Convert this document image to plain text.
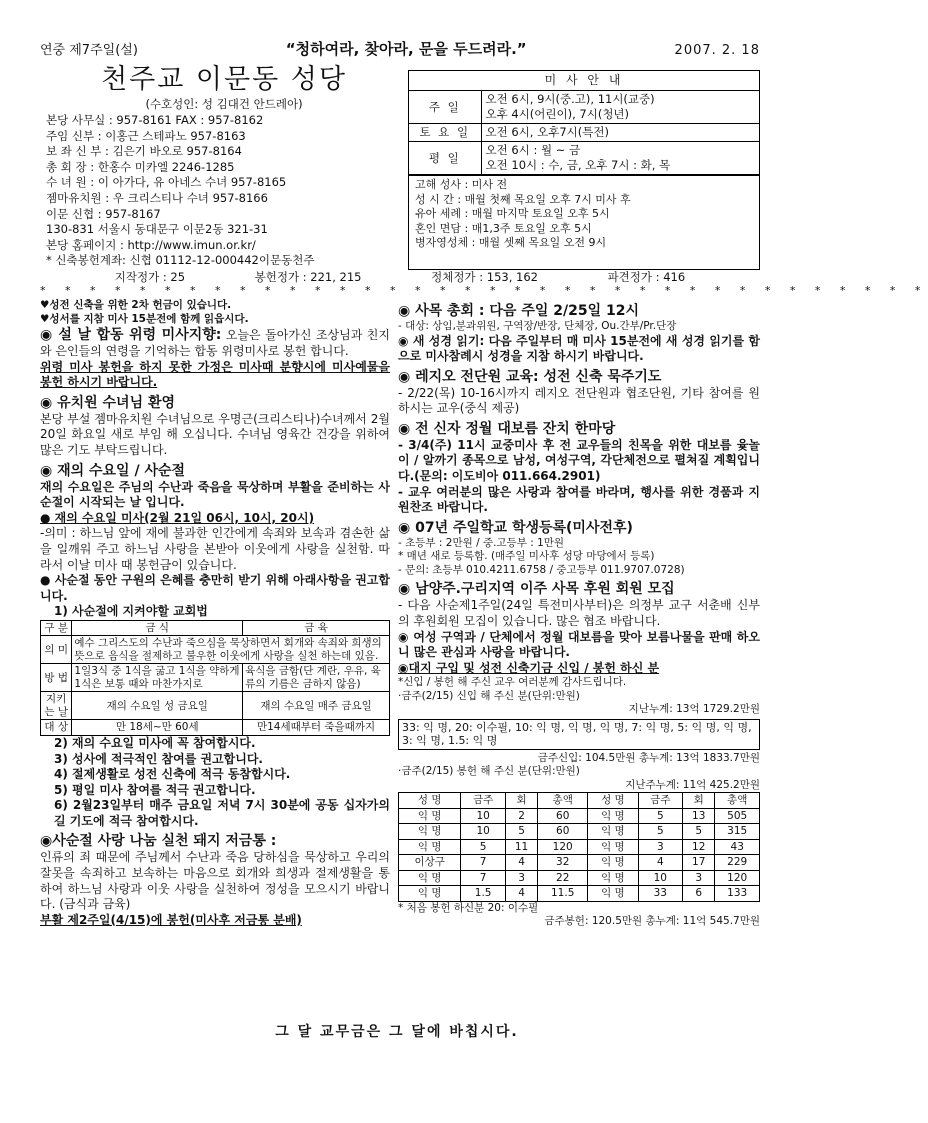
연중 제7주일(설)	“청하여라, 찾아라, 문을 두드려라.”	2007. 2. 18
천주교 이문동 성당
(수호성인: 성 김대건 안드레아)
본당 사무실 : 957-8161 FAX : 957-8162
주임 신부 : 이홍근 스테파노 957-8163
보 좌 신 부 : 김은기 바오로 957-8164
총 회 장 : 한홍수 미카엘 2246-1285
수 녀 원 : 이 아가다, 유 아네스 수녀 957-8165
젬마유치원 : 우 크리스티나 수녀 957-8166
이문 신협 : 957-8167
130-831 서울시 동대문구 이문2동 321-31
본당 홈페이지 : http://www.imun.or.kr/
* 신축봉헌계좌: 신협 01112-12-000442이문동천주
미 사 안 내
주 일	오전 6시, 9시(중.고), 11시(교중)
오후 4시(어린이), 7시(청년)

토 요 일	오전 6시, 오후7시(특전)
평 일	오전 6시 : 월 ~ 금
오전 10시 : 수, 금, 오후 7시 : 화, 목
고해 성사 : 미사 전
성 시 간 : 매월 첫째 목요일 오후 7시 미사 후
유아 세례 : 매월 마지막 토요일 오후 5시
혼인 면담 : 매1,3주 토요일 오후 5시
병자영성체 : 매월 셋째 목요일 오전 9시
지작정가 : 25	봉헌정가 : 221, 215	정체정가 : 153, 162	파견정가 : 416
* * * * * * * * * * * * * * * * * * * * * * * * * * * * * * * * * * * *
♥성전 신축을 위한 2차 헌금이 있습니다.
♥성서를 지참 미사 15분전에 함께 읽읍시다.
◉ 설 날 합동 위령 미사지향: 오늘은 돌아가신 조상님과 친지와 은인들의 연령을 기억하는 합동 위령미사로 봉헌 합니다.
위령 미사 봉헌을 하지 못한 가정은 미사때 분향시에 미사예물을 봉헌 하시기 바랍니다.
◉ 유치원 수녀님 환영
본당 부설 젬마유치원 수녀님으로 우명근(크리스티나)수녀께서 2월 20일 화요일 새로 부임 해 오십니다. 수녀님 영육간 건강을 위하여 많은 기도 부탁드립니다.
◉ 재의 수요일 / 사순절
재의 수요일은 주님의 수난과 죽음을 묵상하며 부활을 준비하는 사순절이 시작되는 날 입니다.
● 재의 수요일 미사(2월 21일 06시, 10시, 20시)
-의미 : 하느님 앞에 재에 불과한 인간에게 속죄와 보속과 겸손한 삶을 일깨워 주고 하느님 사랑을 본받아 이웃에게 사랑을 실천함. 따라서 이날 미사 때 봉헌금이 있습니다.
● 사순절 동안 구원의 은혜를 충만히 받기 위해 아래사항을 권고합니다.
1) 사순절에 지켜야할 교회법
구 분	금 식	금 육
의 미	예수 그리스도의 수난과 죽으심을 묵상하면서 회개와 속죄와 희생의 뜻으로 음식을 절제하고 불우한 이웃에게 사랑을 실천 하는데 있음.	
방 법	1일3식 중 1식을 굶고 1식을 약하게 1식은 보통 때와 마찬가지로	육식을 금함(단 계란, 우유, 육류의 기름은 금하지 않음)
지키는 날	재의 수요일 성 금요일	재의 수요일 매주 금요일
대 상	만 18세~만 60세	만14세때부터 죽을때까지
2) 재의 수요일 미사에 꼭 참여합시다.
3) 성사에 적극적인 참여를 권고합니다.
4) 절제생활로 성전 신축에 적극 동참합시다.
5) 평일 미사 참여를 적극 권고합니다.
6) 2월23일부터 매주 금요일 저녁 7시 30분에 공동 십자가의 길 기도에 적극 참여합시다.
◉사순절 사랑 나눔 실천 돼지 저금통 :
인류의 죄 때문에 주님께서 수난과 죽음 당하심을 묵상하고 우리의 잘못을 속죄하고 보속하는 마음으로 회개와 희생과 절제생활을 통하여 하느님 사랑과 이웃 사랑을 실천하여 정성을 모으시기 바랍니다. (금식과 금육)
부활 제2주일(4/15)에 봉헌(미사후 저금통 분배)
◉ 사목 총회 : 다음 주일 2/25일 12시
- 대상: 상임,분과위원, 구역장/반장, 단체장, Ou.간부/Pr.단장
◉ 새 성경 읽기: 다음 주일부터 매 미사 15분전에 새 성경 읽기를 함으로 미사참례시 성경을 지참 하시기 바랍니다.
◉ 레지오 전단원 교육: 성전 신축 묵주기도
- 2/22(목) 10-16시까지 레지오 전단원과 협조단원, 기타 참여를 원하시는 교우(중식 제공)
◉ 전 신자 정월 대보름 잔치 한마당
- 3/4(주) 11시 교중미사 후 전 교우들의 친목을 위한 대보름 윷놀이 / 알까기 종목으로 남성, 여성구역, 각단체전으로 펼쳐질 계획입니다.(문의: 이도비아 011.664.2901)
- 교우 여러분의 많은 사랑과 참여를 바라며, 행사를 위한 경품과 지원찬조 바랍니다.
◉ 07년 주일학교 학생등록(미사전후)
- 초등부 : 2만원 / 중.고등부 : 1만원
* 매년 새로 등록함. (매주일 미사후 성당 마당에서 등록)
- 문의: 초등부 010.4211.6758 / 중고등부 011.9707.0728)
◉ 남양주.구리지역 이주 사목 후원 회원 모집
- 다음 사순제1주일(24일 특전미사부터)은 의정부 교구 서춘배 신부의 후원회원 모집이 있습니다. 많은 협조 바랍니다.
◉ 여성 구역과 / 단체에서 정월 대보름을 맞아 보름나물을 판매 하오니 많은 관심과 사랑을 바랍니다.
◉대지 구입 및 성전 신축기금 신입 / 봉헌 하신 분
*신입 / 봉헌 해 주신 교우 여러분께 감사드립니다.
·금주(2/15) 신입 해 주신 분(단위:만원)
지난누계: 13억 1729.2만원
33: 익 명, 20: 이수필, 10: 익 명, 익 명, 익 명, 7: 익 명, 5: 익 명, 익 명, 3: 익 명, 1.5: 익 명
금주신입: 104.5만원 총누계: 13억 1833.7만원
·금주(2/15) 봉헌 해 주신 분(단위:만원)
지난주누계: 11억 425.2만원
성 명	금주	회	총액	성 명	금주	회	총액
익 명	10	2	60	익 명	5	13	505
익 명	10	5	60	익 명	5	5	315
익 명	5	11	120	익 명	3	12	43
이상구	7	4	32	익 명	4	17	229
익 명	7	3	22	익 명	10	3	120
익 명	1.5	4	11.5	익 명	33	6	133
* 처음 봉헌 하신분 20: 이수필
금주봉헌: 120.5만원 총누계: 11억 545.7만원
그 달 교무금은 그 달에 바칩시다.
